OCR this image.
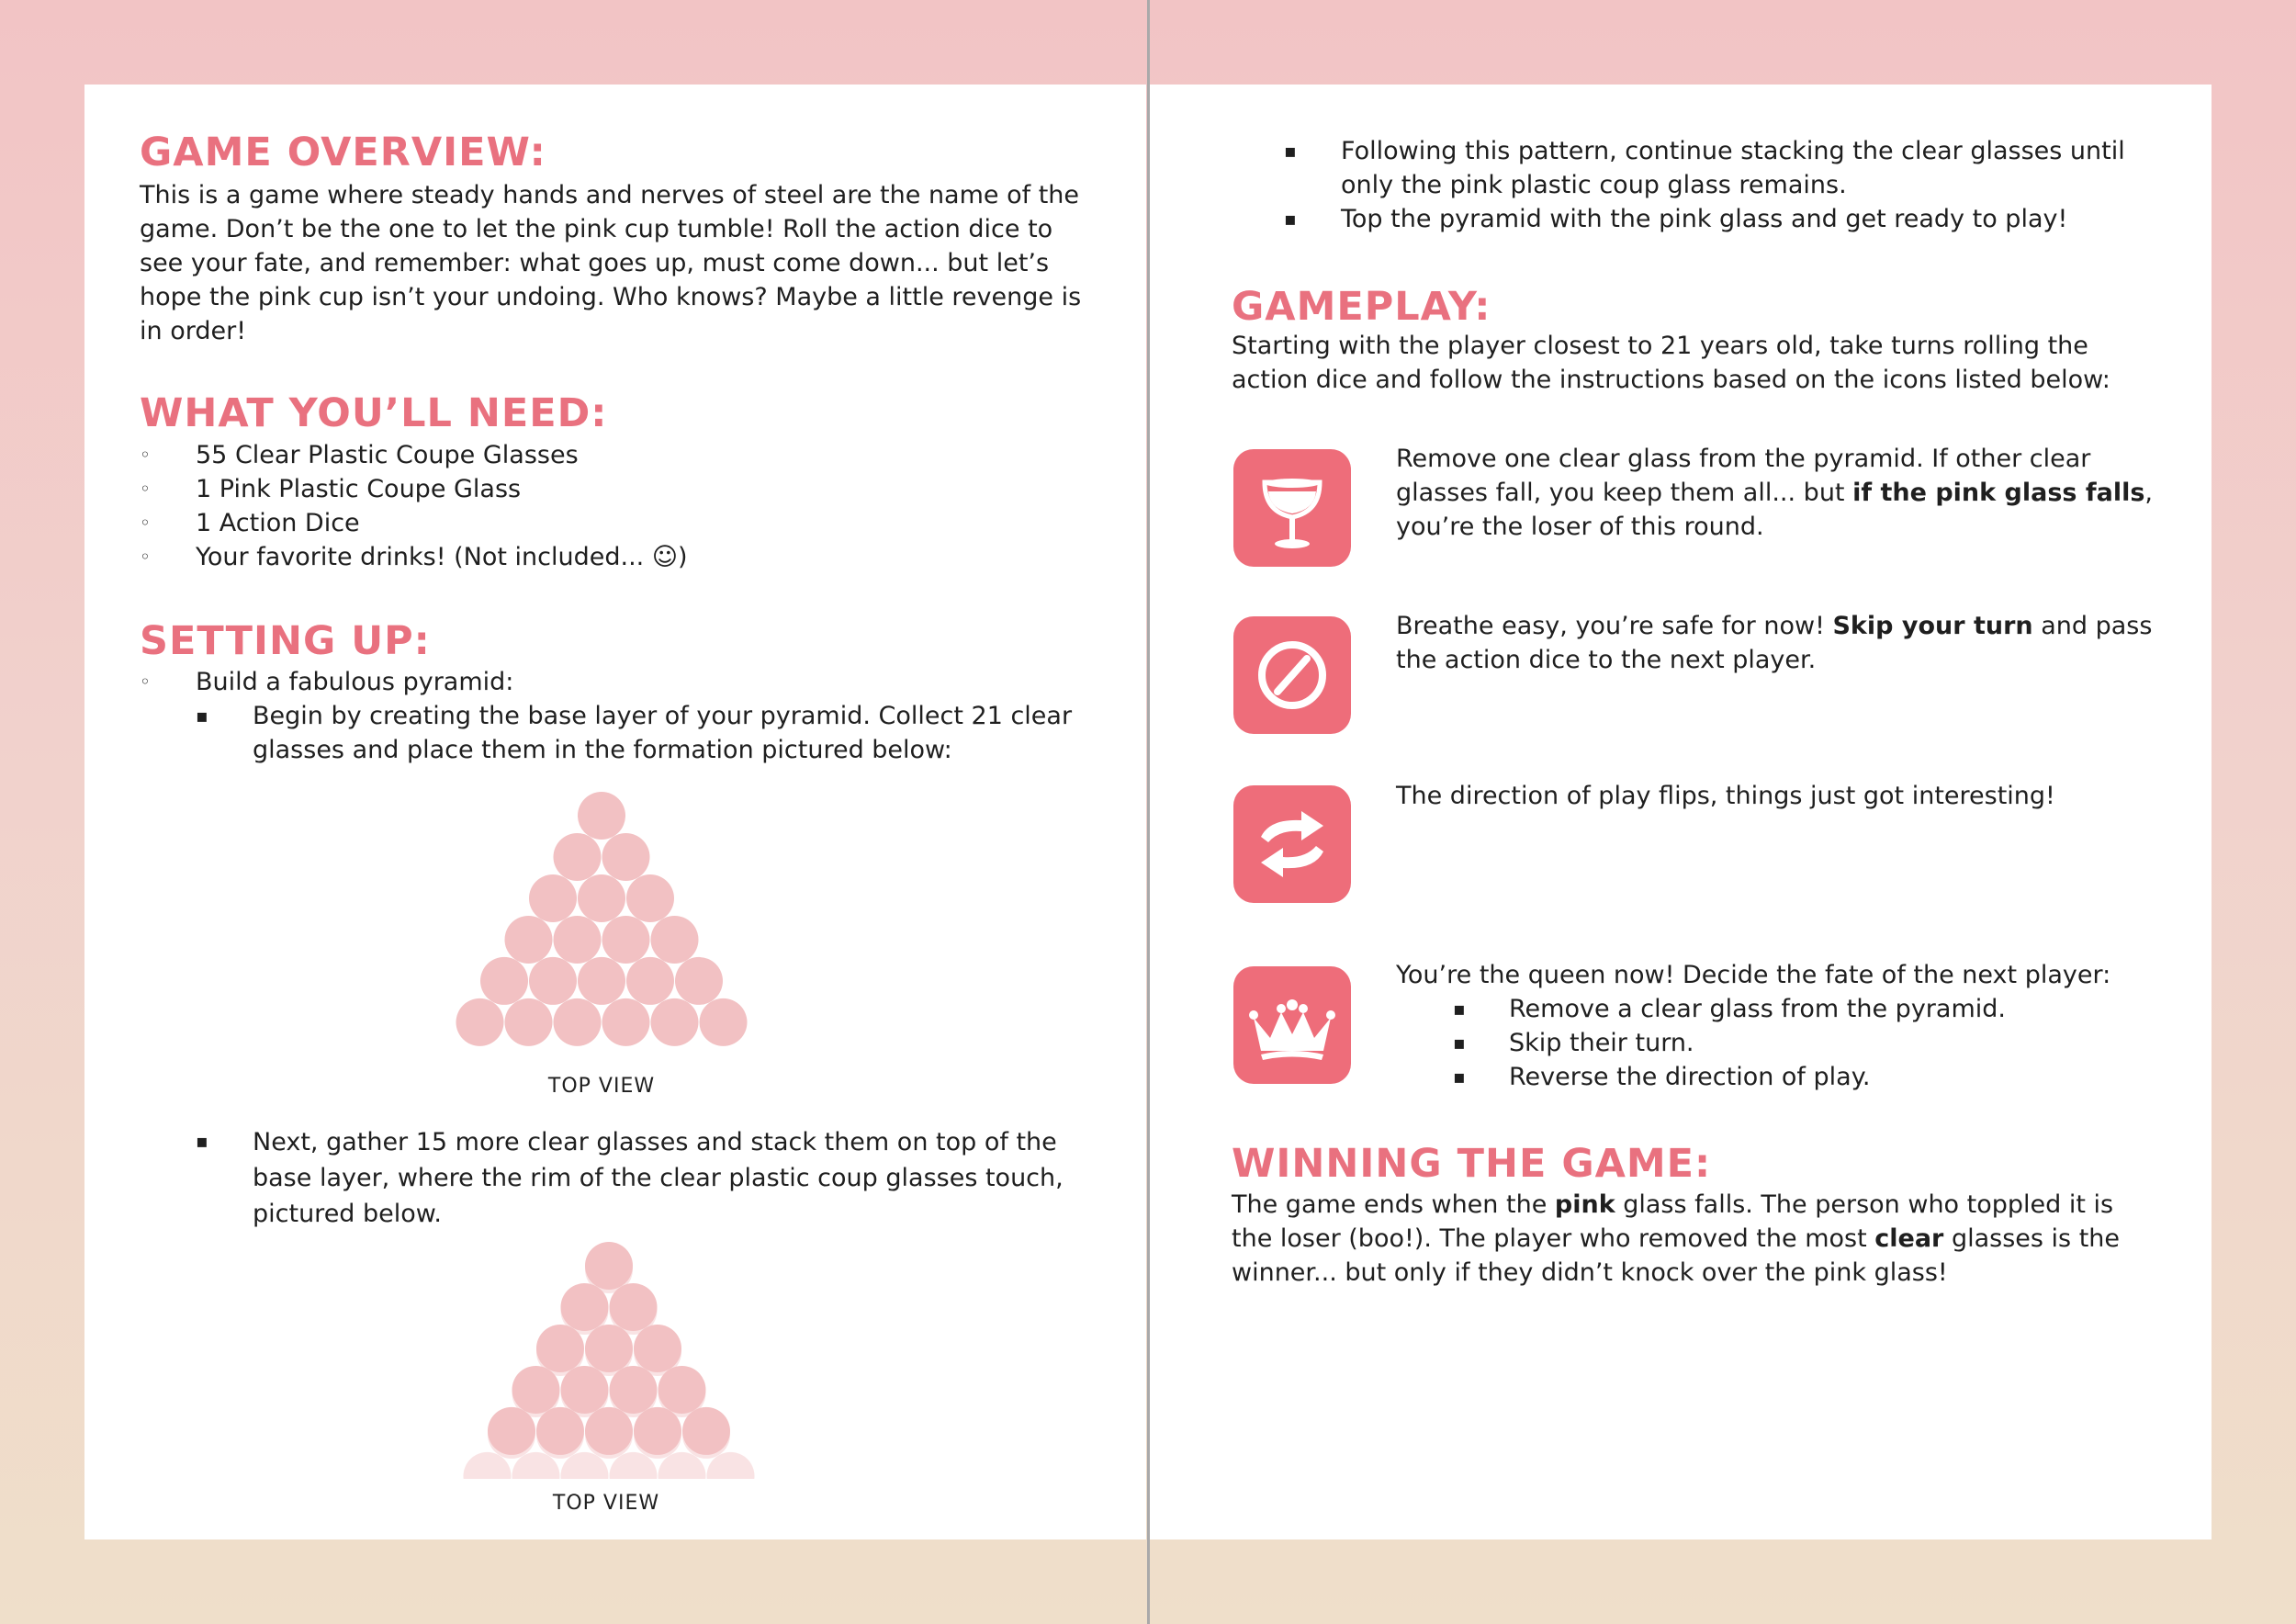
GAME OVERVIEW:

This is a game where steady hands and nerves of steel are the name of the game. Don’t be the one to let the pink cup tumble! Roll the action dice to see your fate, and remember: what goes up, must come down... but let’s hope the pink cup isn’t your undoing. Who knows? Maybe a little revenge is in order!

WHAT YOU’LL NEED:
◦ 55 Clear Plastic Coupe Glasses
◦ 1 Pink Plastic Coupe Glass
◦ 1 Action Dice
◦ Your favorite drinks! (Not included... ☺)
SETTING UP:
◦ Build a fabulous pyramid:
▪ Begin by creating the base layer of your pyramid. Collect 21 clear glasses and place them in the formation pictured below:
TOP VIEW
▪ Next, gather 15 more clear glasses and stack them on top of the base layer, where the rim of the clear plastic coup glasses touch, pictured below.
TOP VIEW
▪ Following this pattern, continue stacking the clear glasses until only the pink plastic coup glass remains.
▪ Top the pyramid with the pink glass and get ready to play!
GAMEPLAY:

Starting with the player closest to 21 years old, take turns rolling the action dice and follow the instructions based on the icons listed below:

Remove one clear glass from the pyramid. If other clear glasses fall, you keep them all... but if the pink glass falls, you’re the loser of this round.
Breathe easy, you’re safe for now! Skip your turn and pass the action dice to the next player.
The direction of play flips, things just got interesting!
You’re the queen now! Decide the fate of the next player:
▪ Remove a clear glass from the pyramid.
▪ Skip their turn.
▪ Reverse the direction of play.
WINNING THE GAME:

The game ends when the pink glass falls. The person who toppled it is the loser (boo!). The player who removed the most clear glasses is the winner... but only if they didn’t knock over the pink glass!
